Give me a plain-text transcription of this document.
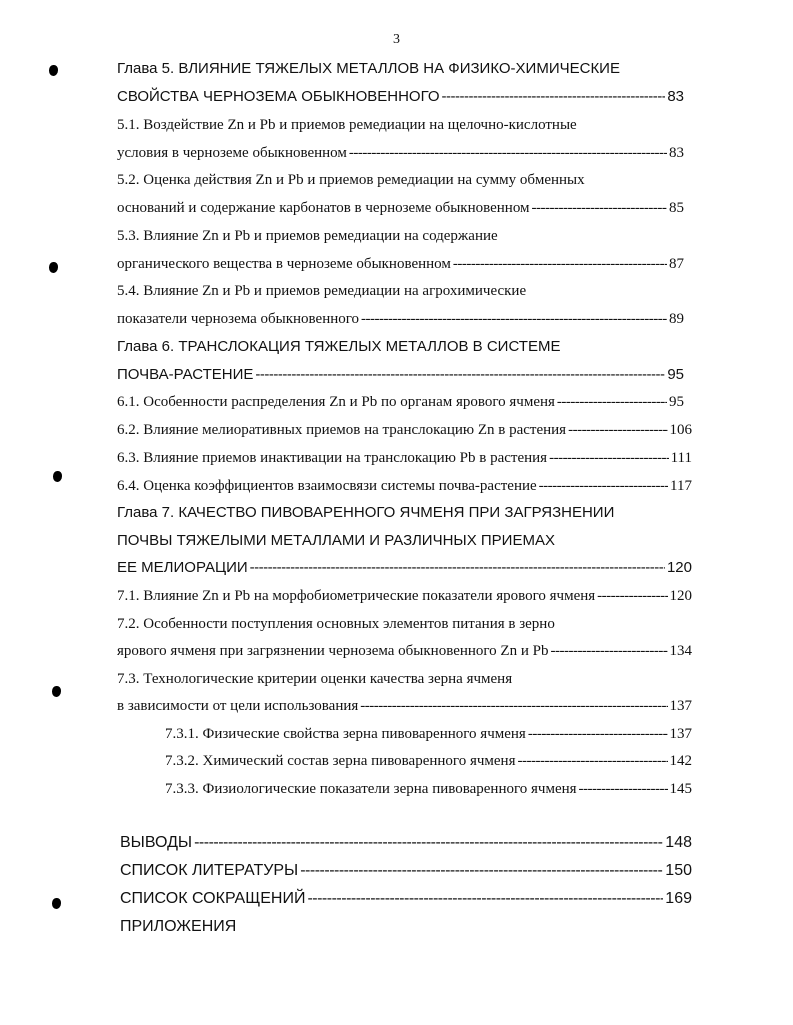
3
Глава 5. ВЛИЯНИЕ ТЯЖЕЛЫХ МЕТАЛЛОВ НА ФИЗИКО-ХИМИЧЕСКИЕ
СВОЙСТВА ЧЕРНОЗЕМА ОБЫКНОВЕННОГО -----	83
5.1. Воздействие Zn и Pb и приемов ремедиации на щелочно-кислотные
условия в черноземе обыкновенном -----	83
5.2. Оценка действия Zn и Pb и приемов ремедиации на сумму обменных
оснований и содержание карбонатов в черноземе обыкновенном -----	85
5.3. Влияние Zn и Pb и приемов ремедиации на содержание
органического вещества в черноземе обыкновенном -----	87
5.4. Влияние Zn и Pb и приемов ремедиации на агрохимические
показатели чернозема обыкновенного -----	89
Глава 6. ТРАНСЛОКАЦИЯ ТЯЖЕЛЫХ МЕТАЛЛОВ В СИСТЕМЕ
ПОЧВА-РАСТЕНИЕ -----	95
6.1. Особенности распределения Zn и Pb по органам ярового ячменя -----	95
6.2. Влияние мелиоративных приемов на транслокацию Zn в растения -----	106
6.3. Влияние приемов инактивации на транслокацию Pb в растения -----	111
6.4. Оценка коэффициентов взаимосвязи системы почва-растение -----	117
Глава 7. КАЧЕСТВО ПИВОВАРЕННОГО ЯЧМЕНЯ ПРИ ЗАГРЯЗНЕНИИ
ПОЧВЫ ТЯЖЕЛЫМИ МЕТАЛЛАМИ И РАЗЛИЧНЫХ ПРИЕМАХ
ЕЕ МЕЛИОРАЦИИ -----	120
7.1. Влияние Zn и Pb на морфобиометрические показатели ярового ячменя -----	120
7.2. Особенности поступления основных элементов питания в зерно
ярового ячменя при загрязнении чернозема обыкновенного Zn и Pb -----	134
7.3. Технологические критерии оценки качества зерна ячменя
в зависимости от цели использования -----	137
7.3.1. Физические свойства зерна пивоваренного ячменя -----	137
7.3.2. Химический состав зерна пивоваренного ячменя -----	142
7.3.3. Физиологические показатели зерна пивоваренного ячменя -----	145
ВЫВОДЫ -----	148
СПИСОК ЛИТЕРАТУРЫ -----	150
СПИСОК СОКРАЩЕНИЙ -----	169
ПРИЛОЖЕНИЯ
